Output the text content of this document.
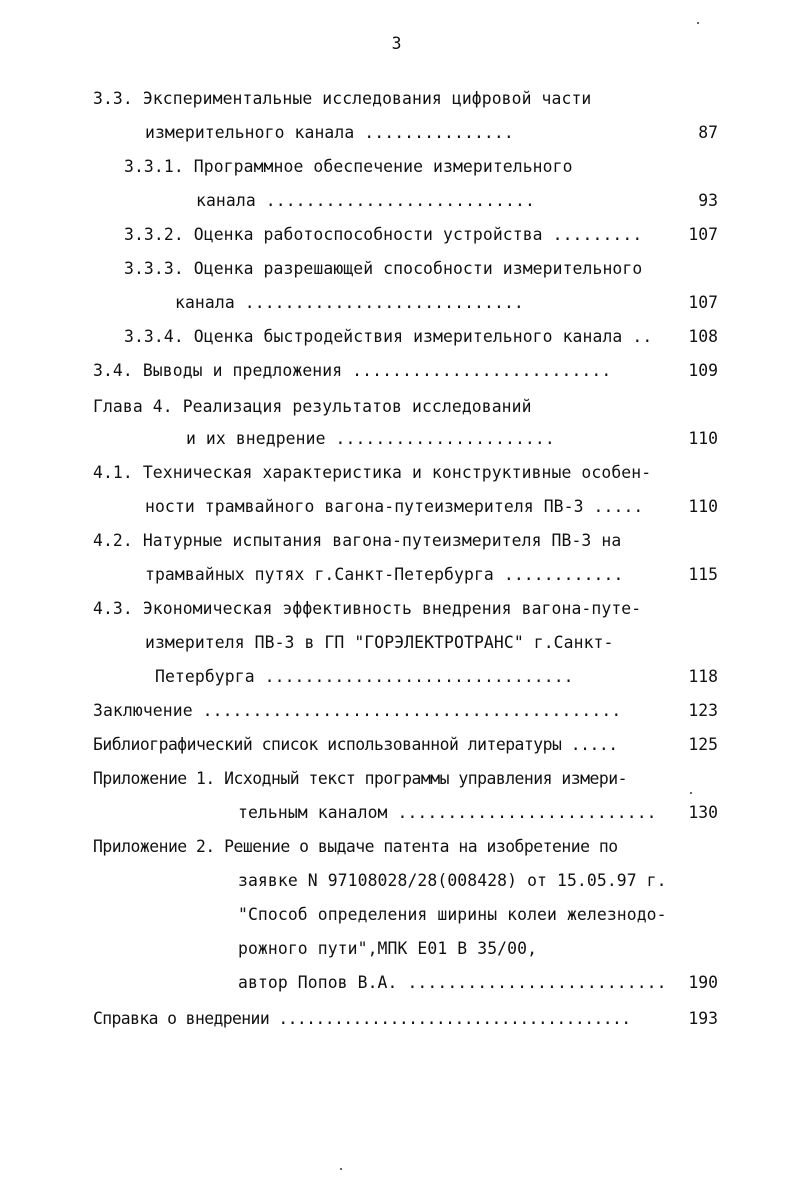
3
3.3. Экспериментальные исследования цифровой части
измерительного канала ...............	87
3.3.1. Программное обеспечение измерительного
канала ...........................	93
3.3.2. Оценка работоспособности устройства .........	107
3.3.3. Оценка разрешающей способности измерительного
канала ............................	107
3.3.4. Оценка быстродействия измерительного канала ..	108
3.4. Выводы и предложения ..........................	109
Глава 4. Реализация результатов исследований
и их внедрение ......................	110
4.1. Техническая характеристика и конструктивные особен-
ности трамвайного вагона-путеизмерителя ПВ-3 .....	110
4.2. Натурные испытания вагона-путеизмерителя ПВ-3 на
трамвайных путях г.Санкт-Петербурга ............	115
4.3. Экономическая эффективность внедрения вагона-путе-
измерителя ПВ-3 в ГП "ГОРЭЛЕКТРОТРАНС" г.Санкт-
Петербурга ...............................	118
Заключение ..........................................	123
Библиографический список использованной литературы .....	125
Приложение 1. Исходный текст программы управления измери-
тельным каналом ..........................	130
Приложение 2. Решение о выдаче патента на изобретение по
заявке N 97108028/28(008428) от 15.05.97 г.
"Способ определения ширины колеи железнодо-
рожного пути",МПК Е01 В 35/00,
автор Попов В.А. ..........................	190
Справка о внедрении ......................................	193
